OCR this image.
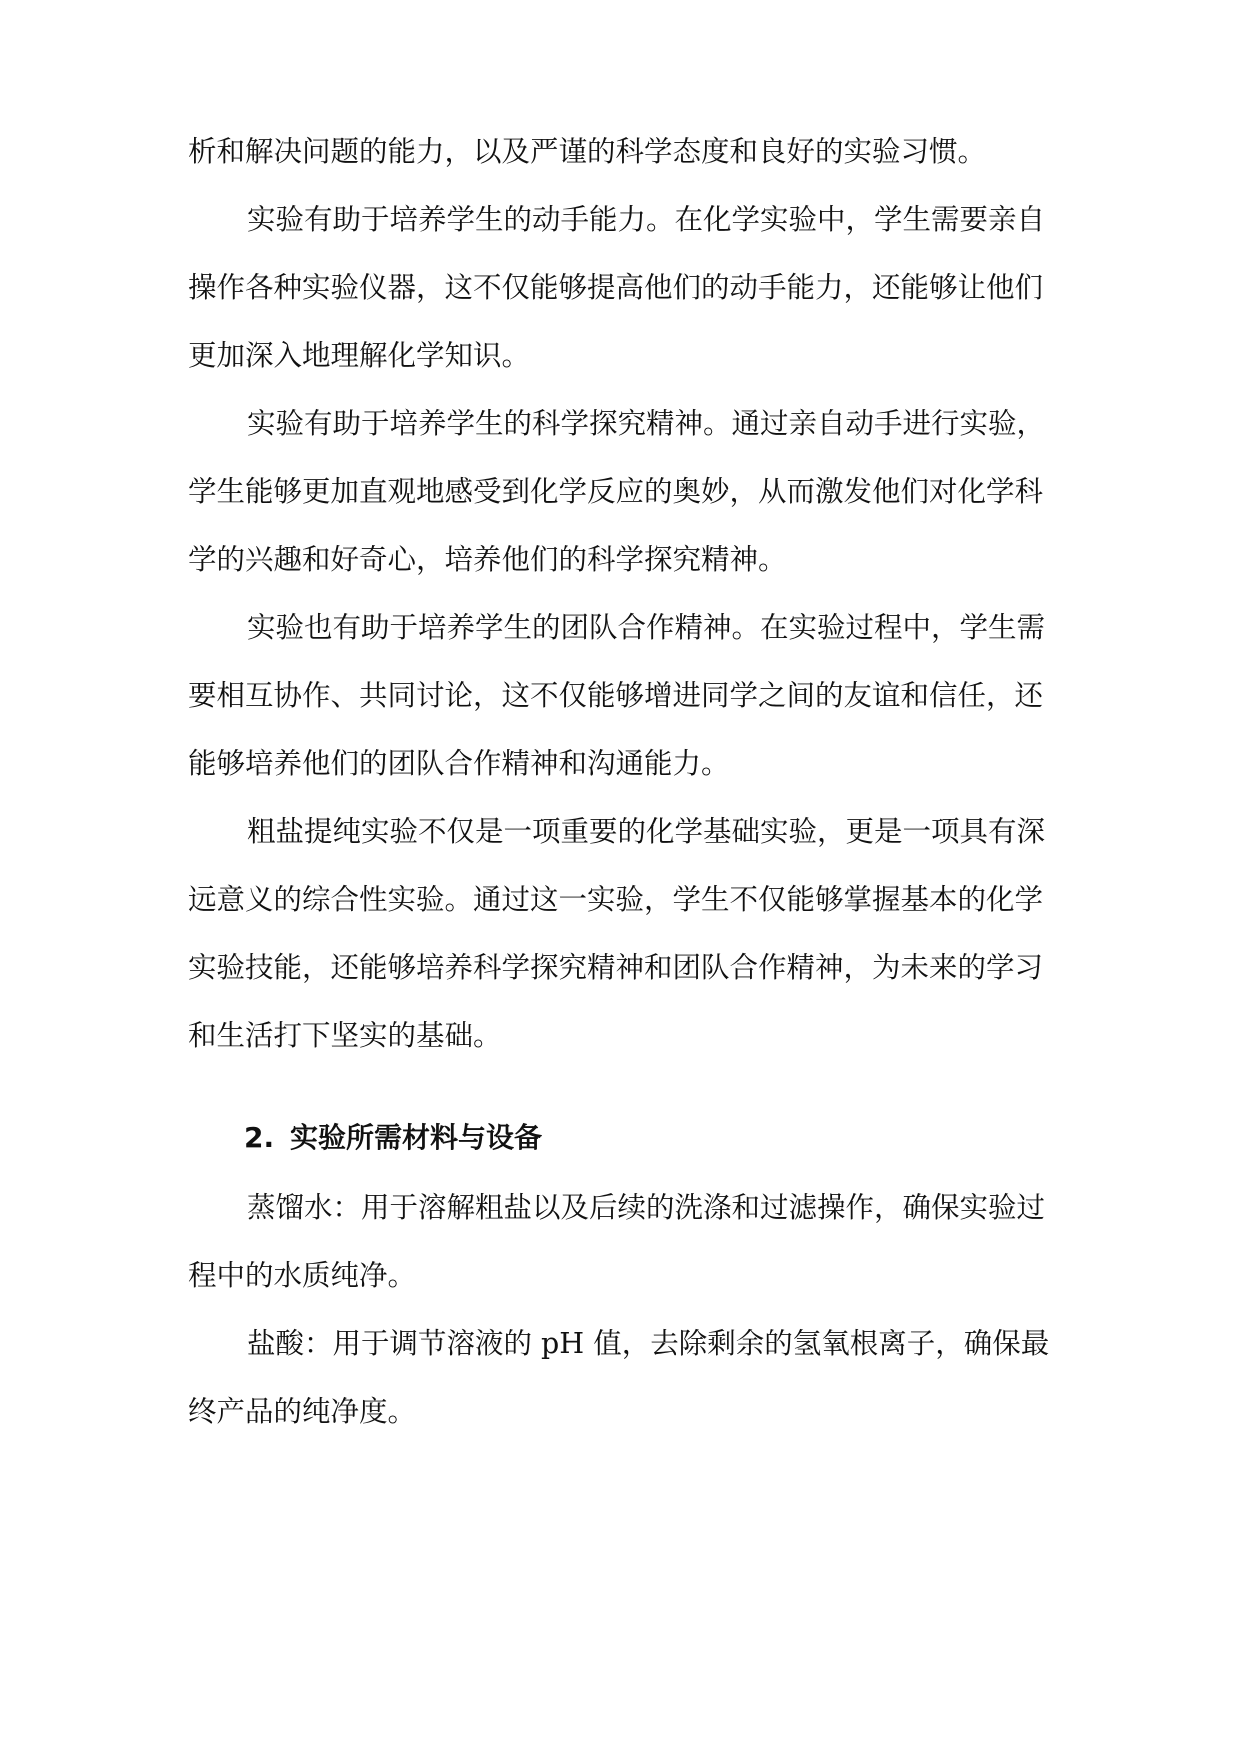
析和解决问题的能力，以及严谨的科学态度和良好的实验习惯。
实验有助于培养学生的动手能力。在化学实验中，学生需要亲自
操作各种实验仪器，这不仅能够提高他们的动手能力，还能够让他们
更加深入地理解化学知识。
实验有助于培养学生的科学探究精神。通过亲自动手进行实验，
学生能够更加直观地感受到化学反应的奥妙，从而激发他们对化学科
学的兴趣和好奇心，培养他们的科学探究精神。
实验也有助于培养学生的团队合作精神。在实验过程中，学生需
要相互协作、共同讨论，这不仅能够增进同学之间的友谊和信任，还
能够培养他们的团队合作精神和沟通能力。
粗盐提纯实验不仅是一项重要的化学基础实验，更是一项具有深
远意义的综合性实验。通过这一实验，学生不仅能够掌握基本的化学
实验技能，还能够培养科学探究精神和团队合作精神，为未来的学习
和生活打下坚实的基础。
2. 实验所需材料与设备
蒸馏水：用于溶解粗盐以及后续的洗涤和过滤操作，确保实验过
程中的水质纯净。
盐酸：用于调节溶液的 pH 值，去除剩余的氢氧根离子，确保最
终产品的纯净度。
